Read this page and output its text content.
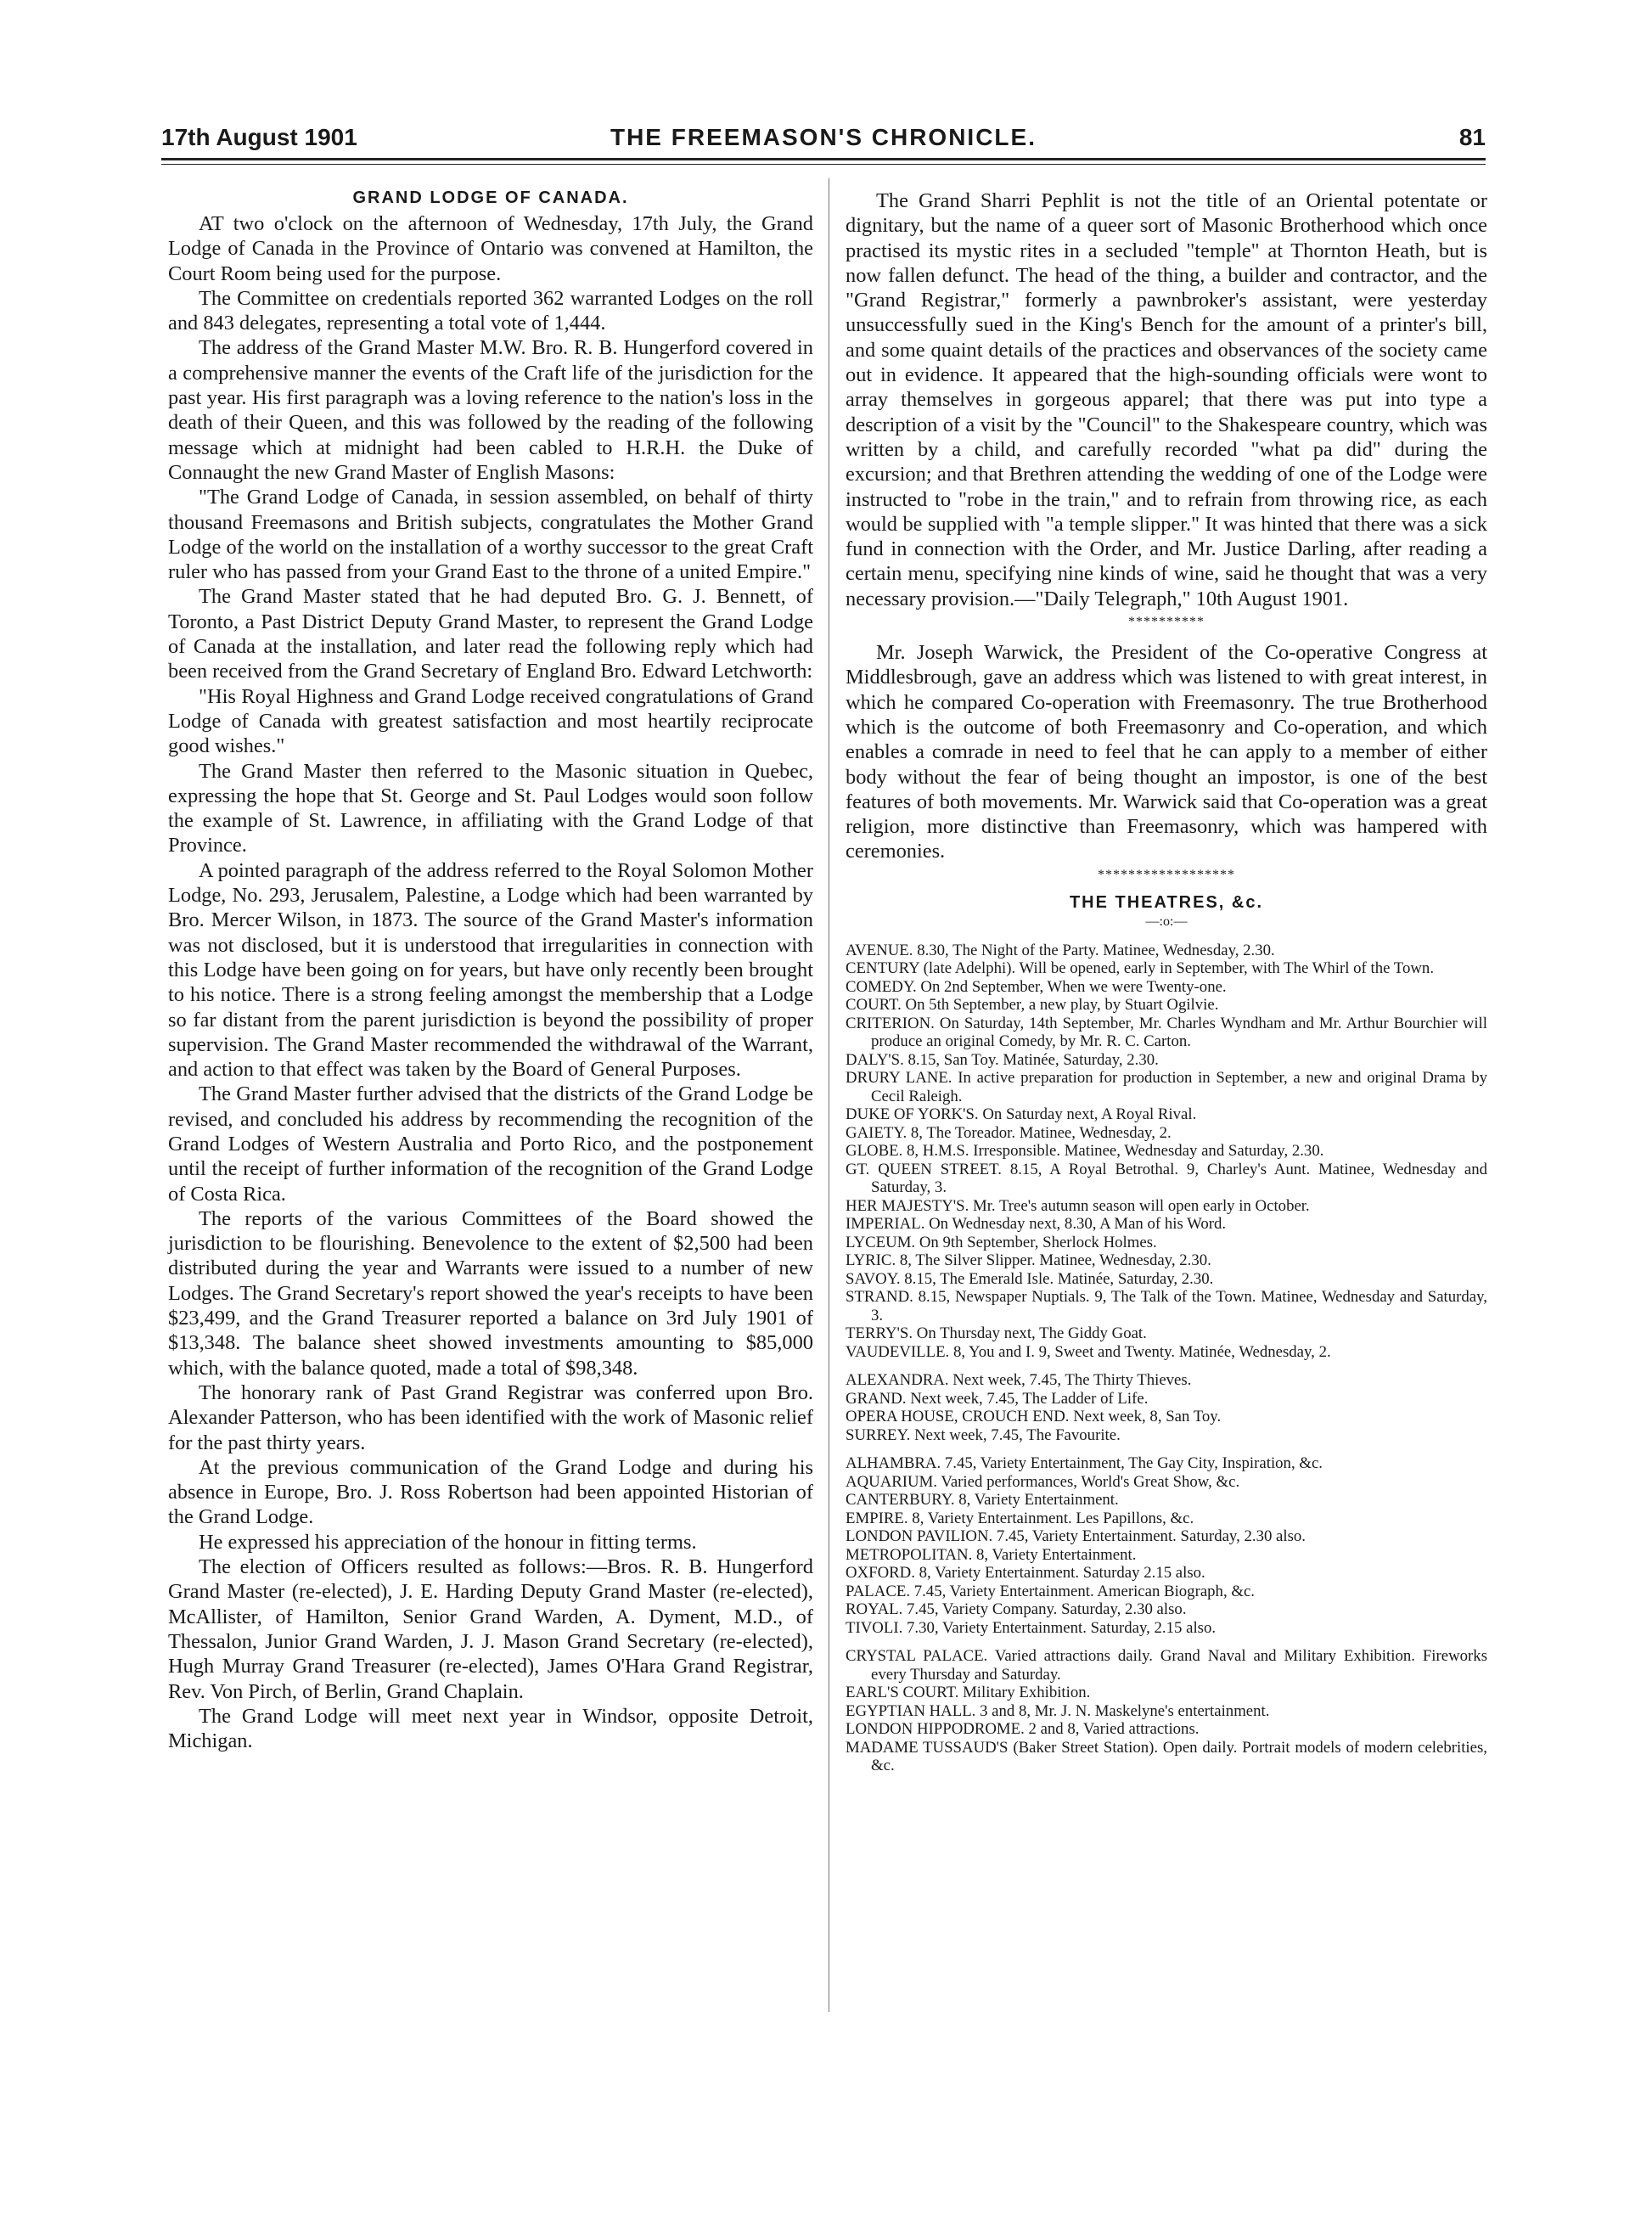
17th August 1901	THE FREEMASON'S CHRONICLE.	81
GRAND LODGE OF CANADA.

AT two o'clock on the afternoon of Wednesday, 17th July, the Grand Lodge of Canada in the Province of Ontario was convened at Hamilton, the Court Room being used for the purpose.

The Committee on credentials reported 362 warranted Lodges on the roll and 843 delegates, representing a total vote of 1,444.

The address of the Grand Master M.W. Bro. R. B. Hungerford covered in a comprehensive manner the events of the Craft life of the jurisdiction for the past year. His first paragraph was a loving reference to the nation's loss in the death of their Queen, and this was followed by the reading of the following message which at midnight had been cabled to H.R.H. the Duke of Connaught the new Grand Master of English Masons:

"The Grand Lodge of Canada, in session assembled, on behalf of thirty thousand Freemasons and British subjects, congratulates the Mother Grand Lodge of the world on the installation of a worthy successor to the great Craft ruler who has passed from your Grand East to the throne of a united Empire."

The Grand Master stated that he had deputed Bro. G. J. Bennett, of Toronto, a Past District Deputy Grand Master, to represent the Grand Lodge of Canada at the installation, and later read the following reply which had been received from the Grand Secretary of England Bro. Edward Letchworth:

"His Royal Highness and Grand Lodge received congratulations of Grand Lodge of Canada with greatest satisfaction and most heartily reciprocate good wishes."

The Grand Master then referred to the Masonic situation in Quebec, expressing the hope that St. George and St. Paul Lodges would soon follow the example of St. Lawrence, in affiliating with the Grand Lodge of that Province.

A pointed paragraph of the address referred to the Royal Solomon Mother Lodge, No. 293, Jerusalem, Palestine, a Lodge which had been warranted by Bro. Mercer Wilson, in 1873. The source of the Grand Master's information was not disclosed, but it is understood that irregularities in connection with this Lodge have been going on for years, but have only recently been brought to his notice. There is a strong feeling amongst the membership that a Lodge so far distant from the parent jurisdiction is beyond the possibility of proper supervision. The Grand Master recommended the withdrawal of the Warrant, and action to that effect was taken by the Board of General Purposes.

The Grand Master further advised that the districts of the Grand Lodge be revised, and concluded his address by recommending the recognition of the Grand Lodges of Western Australia and Porto Rico, and the postponement until the receipt of further information of the recognition of the Grand Lodge of Costa Rica.

The reports of the various Committees of the Board showed the jurisdiction to be flourishing. Benevolence to the extent of $2,500 had been distributed during the year and Warrants were issued to a number of new Lodges. The Grand Secretary's report showed the year's receipts to have been $23,499, and the Grand Treasurer reported a balance on 3rd July 1901 of $13,348. The balance sheet showed investments amounting to $85,000 which, with the balance quoted, made a total of $98,348.

The honorary rank of Past Grand Registrar was conferred upon Bro. Alexander Patterson, who has been identified with the work of Masonic relief for the past thirty years.

At the previous communication of the Grand Lodge and during his absence in Europe, Bro. J. Ross Robertson had been appointed Historian of the Grand Lodge.

He expressed his appreciation of the honour in fitting terms.

The election of Officers resulted as follows:—Bros. R. B. Hungerford Grand Master (re-elected), J. E. Harding Deputy Grand Master (re-elected), McAllister, of Hamilton, Senior Grand Warden, A. Dyment, M.D., of Thessalon, Junior Grand Warden, J. J. Mason Grand Secretary (re-elected), Hugh Murray Grand Treasurer (re-elected), James O'Hara Grand Registrar, Rev. Von Pirch, of Berlin, Grand Chaplain.

The Grand Lodge will meet next year in Windsor, opposite Detroit, Michigan.

The Grand Sharri Pephlit is not the title of an Oriental potentate or dignitary, but the name of a queer sort of Masonic Brotherhood which once practised its mystic rites in a secluded "temple" at Thornton Heath, but is now fallen defunct. The head of the thing, a builder and contractor, and the "Grand Registrar," formerly a pawnbroker's assistant, were yesterday unsuccessfully sued in the King's Bench for the amount of a printer's bill, and some quaint details of the practices and observances of the society came out in evidence. It appeared that the high-sounding officials were wont to array themselves in gorgeous apparel; that there was put into type a description of a visit by the "Council" to the Shakespeare country, which was written by a child, and carefully recorded "what pa did" during the excursion; and that Brethren attending the wedding of one of the Lodge were instructed to "robe in the train," and to refrain from throwing rice, as each would be supplied with "a temple slipper." It was hinted that there was a sick fund in connection with the Order, and Mr. Justice Darling, after reading a certain menu, specifying nine kinds of wine, said he thought that was a very necessary provision.—"Daily Telegraph," 10th August 1901.

**********

Mr. Joseph Warwick, the President of the Co-operative Congress at Middlesbrough, gave an address which was listened to with great interest, in which he compared Co-operation with Freemasonry. The true Brotherhood which is the outcome of both Freemasonry and Co-operation, and which enables a comrade in need to feel that he can apply to a member of either body without the fear of being thought an impostor, is one of the best features of both movements. Mr. Warwick said that Co-operation was a great religion, more distinctive than Freemasonry, which was hampered with ceremonies.

******************
THE THEATRES, &c.
—:o:—
AVENUE. 8.30, The Night of the Party. Matinee, Wednesday, 2.30.
CENTURY (late Adelphi). Will be opened, early in September, with The Whirl of the Town.
COMEDY. On 2nd September, When we were Twenty-one.
COURT. On 5th September, a new play, by Stuart Ogilvie.
CRITERION. On Saturday, 14th September, Mr. Charles Wyndham and Mr. Arthur Bourchier will produce an original Comedy, by Mr. R. C. Carton.
DALY'S. 8.15, San Toy. Matinée, Saturday, 2.30.
DRURY LANE. In active preparation for production in September, a new and original Drama by Cecil Raleigh.
DUKE OF YORK'S. On Saturday next, A Royal Rival.
GAIETY. 8, The Toreador. Matinee, Wednesday, 2.
GLOBE. 8, H.M.S. Irresponsible. Matinee, Wednesday and Saturday, 2.30.
GT. QUEEN STREET. 8.15, A Royal Betrothal. 9, Charley's Aunt. Matinee, Wednesday and Saturday, 3.
HER MAJESTY'S. Mr. Tree's autumn season will open early in October.
IMPERIAL. On Wednesday next, 8.30, A Man of his Word.
LYCEUM. On 9th September, Sherlock Holmes.
LYRIC. 8, The Silver Slipper. Matinee, Wednesday, 2.30.
SAVOY. 8.15, The Emerald Isle. Matinée, Saturday, 2.30.
STRAND. 8.15, Newspaper Nuptials. 9, The Talk of the Town. Matinee, Wednesday and Saturday, 3.
TERRY'S. On Thursday next, The Giddy Goat.
VAUDEVILLE. 8, You and I. 9, Sweet and Twenty. Matinée, Wednesday, 2.
ALEXANDRA. Next week, 7.45, The Thirty Thieves.
GRAND. Next week, 7.45, The Ladder of Life.
OPERA HOUSE, CROUCH END. Next week, 8, San Toy.
SURREY. Next week, 7.45, The Favourite.
ALHAMBRA. 7.45, Variety Entertainment, The Gay City, Inspiration, &c.
AQUARIUM. Varied performances, World's Great Show, &c.
CANTERBURY. 8, Variety Entertainment.
EMPIRE. 8, Variety Entertainment. Les Papillons, &c.
LONDON PAVILION. 7.45, Variety Entertainment. Saturday, 2.30 also.
METROPOLITAN. 8, Variety Entertainment.
OXFORD. 8, Variety Entertainment. Saturday 2.15 also.
PALACE. 7.45, Variety Entertainment. American Biograph, &c.
ROYAL. 7.45, Variety Company. Saturday, 2.30 also.
TIVOLI. 7.30, Variety Entertainment. Saturday, 2.15 also.
CRYSTAL PALACE. Varied attractions daily. Grand Naval and Military Exhibition. Fireworks every Thursday and Saturday.
EARL'S COURT. Military Exhibition.
EGYPTIAN HALL. 3 and 8, Mr. J. N. Maskelyne's entertainment.
LONDON HIPPODROME. 2 and 8, Varied attractions.
MADAME TUSSAUD'S (Baker Street Station). Open daily. Portrait models of modern celebrities, &c.
